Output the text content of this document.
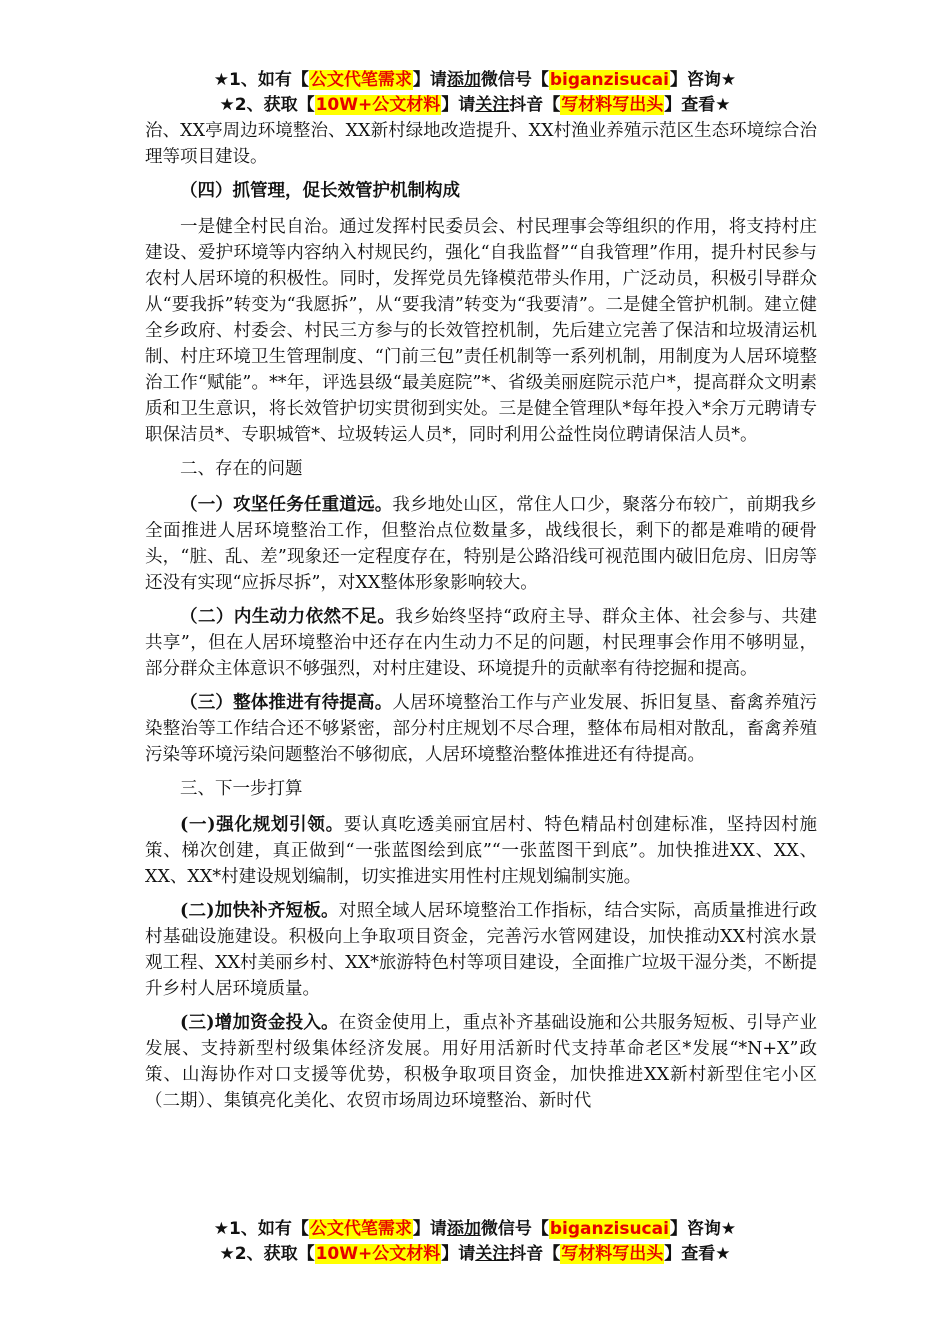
★1、如有【公文代笔需求】请添加微信号【biganzisucai】咨询★
★2、获取【10W+公文材料】请关注抖音【写材料写出头】查看★

治、XX亭周边环境整治、XX新村绿地改造提升、XX村渔业养殖示范区生态环境综合治理等项目建设。

（四）抓管理，促长效管护机制构成

一是健全村民自治。通过发挥村民委员会、村民理事会等组织的作用，将支持村庄建设、爱护环境等内容纳入村规民约，强化“自我监督”“自我管理”作用，提升村民参与农村人居环境的积极性。同时，发挥党员先锋模范带头作用，广泛动员，积极引导群众从“要我拆”转变为“我愿拆”，从“要我清”转变为“我要清”。二是健全管护机制。建立健全乡政府、村委会、村民三方参与的长效管控机制，先后建立完善了保洁和垃圾清运机制、村庄环境卫生管理制度、“门前三包”责任机制等一系列机制，用制度为人居环境整治工作“赋能”。**年，评选县级“最美庭院”*、省级美丽庭院示范户*，提高群众文明素质和卫生意识，将长效管护切实贯彻到实处。三是健全管理队*每年投入*余万元聘请专职保洁员*、专职城管*、垃圾转运人员*，同时利用公益性岗位聘请保洁人员*。

二、存在的问题

（一）攻坚任务任重道远。我乡地处山区，常住人口少，聚落分布较广，前期我乡全面推进人居环境整治工作，但整治点位数量多，战线很长，剩下的都是难啃的硬骨头，“脏、乱、差”现象还一定程度存在，特别是公路沿线可视范围内破旧危房、旧房等还没有实现“应拆尽拆”，对XX整体形象影响较大。

（二）内生动力依然不足。我乡始终坚持“政府主导、群众主体、社会参与、共建共享”，但在人居环境整治中还存在内生动力不足的问题，村民理事会作用不够明显，部分群众主体意识不够强烈，对村庄建设、环境提升的贡献率有待挖掘和提高。

（三）整体推进有待提高。人居环境整治工作与产业发展、拆旧复垦、畜禽养殖污染整治等工作结合还不够紧密，部分村庄规划不尽合理，整体布局相对散乱，畜禽养殖污染等环境污染问题整治不够彻底，人居环境整治整体推进还有待提高。

三、下一步打算

(一)强化规划引领。要认真吃透美丽宜居村、特色精品村创建标准，坚持因村施策、梯次创建，真正做到“一张蓝图绘到底”“一张蓝图干到底”。加快推进XX、XX、XX、XX*村建设规划编制，切实推进实用性村庄规划编制实施。

(二)加快补齐短板。对照全域人居环境整治工作指标，结合实际，高质量推进行政村基础设施建设。积极向上争取项目资金，完善污水管网建设，加快推动XX村滨水景观工程、XX村美丽乡村、XX*旅游特色村等项目建设，全面推广垃圾干湿分类，不断提升乡村人居环境质量。

(三)增加资金投入。在资金使用上，重点补齐基础设施和公共服务短板、引导产业发展、支持新型村级集体经济发展。用好用活新时代支持革命老区*发展“*N+X”政策、山海协作对口支援等优势，积极争取项目资金，加快推进XX新村新型住宅小区（二期）、集镇亮化美化、农贸市场周边环境整治、新时代

★1、如有【公文代笔需求】请添加微信号【biganzisucai】咨询★
★2、获取【10W+公文材料】请关注抖音【写材料写出头】查看★
